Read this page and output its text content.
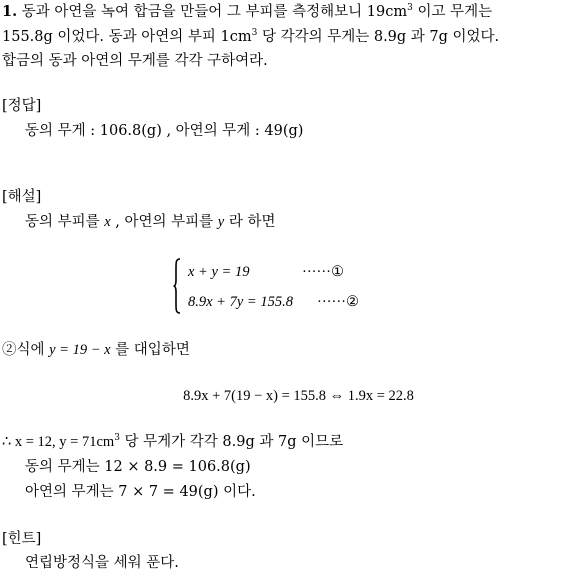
1. 동과 아연을 녹여 합금을 만들어 그 부피를 측정해보니 $19cm^3$ 이고 무게는
155.8g 이었다. 동과 아연의 부피 $1cm^3$ 당 각각의 무게는 8.9g 과 7g 이었다.
합금의 동과 아연의 무게를 각각 구하여라.
[정답]
동의 무게 : 106.8(g) , 아연의 무게 : 49(g)
[해설]
동의 부피를 x , 아연의 부피를 y 라 하면
x + y = 19	······①
8.9x + 7y = 155.8 ······②
②식에 y = 19 − x 를 대입하면
8.9x + 7(19 − x) = 155.8 ⇔ 1.9x = 22.8
∴ x = 12, $y = 71cm^3$ 당 무게가 각각 8.9g 과 7g 이므로
동의 무게는 12 × 8.9 = 106.8(g)
아연의 무게는 7 × 7 = 49(g) 이다.
[힌트]
연립방정식을 세워 푼다.
